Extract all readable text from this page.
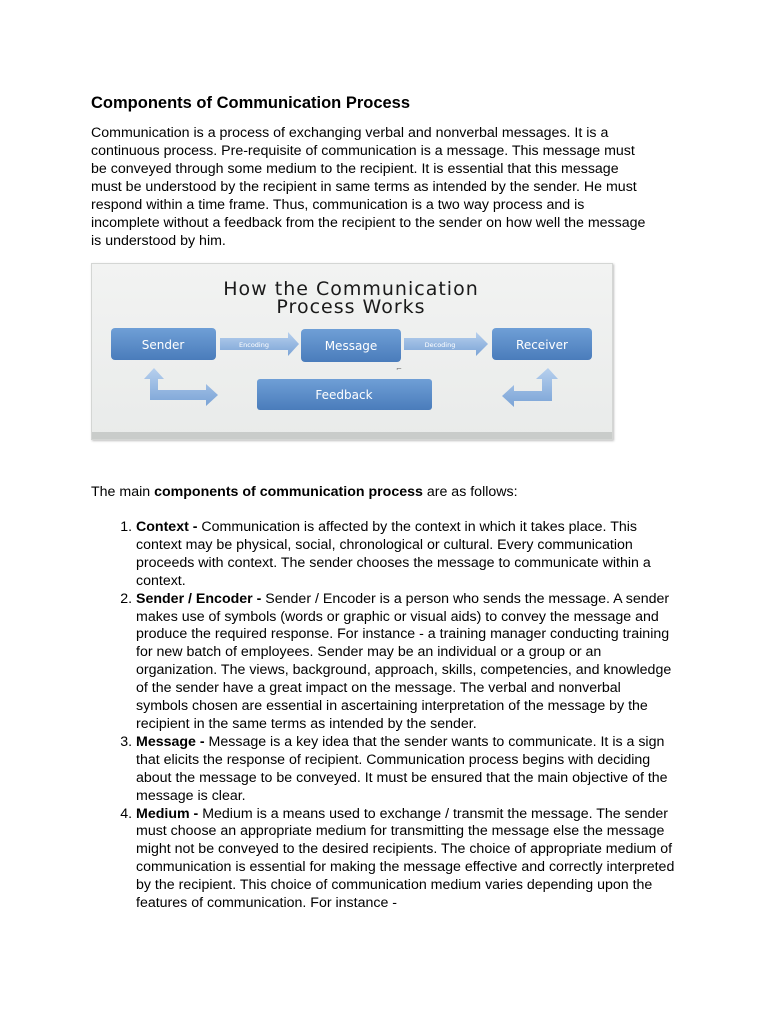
Components of Communication Process

Communication is a process of exchanging verbal and nonverbal messages. It is a continuous process. Pre-requisite of communication is a message. This message must be conveyed through some medium to the recipient. It is essential that this message must be understood by the recipient in same terms as intended by the sender. He must respond within a time frame. Thus, communication is a two way process and is incomplete without a feedback from the recipient to the sender on how well the message is understood by him.

How the Communication
Process Works
Sender	Encoding	Message	Decoding	Receiver
Feedback
⌐

The main components of communication process are as follows:

1. Context - Communication is affected by the context in which it takes place. This context may be physical, social, chronological or cultural. Every communication proceeds with context. The sender chooses the message to communicate within a context.
2. Sender / Encoder - Sender / Encoder is a person who sends the message. A sender makes use of symbols (words or graphic or visual aids) to convey the message and produce the required response. For instance - a training manager conducting training for new batch of employees. Sender may be an individual or a group or an organization. The views, background, approach, skills, competencies, and knowledge of the sender have a great impact on the message. The verbal and nonverbal symbols chosen are essential in ascertaining interpretation of the message by the recipient in the same terms as intended by the sender.
3. Message - Message is a key idea that the sender wants to communicate. It is a sign that elicits the response of recipient. Communication process begins with deciding about the message to be conveyed. It must be ensured that the main objective of the message is clear.
4. Medium - Medium is a means used to exchange / transmit the message. The sender must choose an appropriate medium for transmitting the message else the message might not be conveyed to the desired recipients. The choice of appropriate medium of communication is essential for making the message effective and correctly interpreted by the recipient. This choice of communication medium varies depending upon the features of communication. For instance -
